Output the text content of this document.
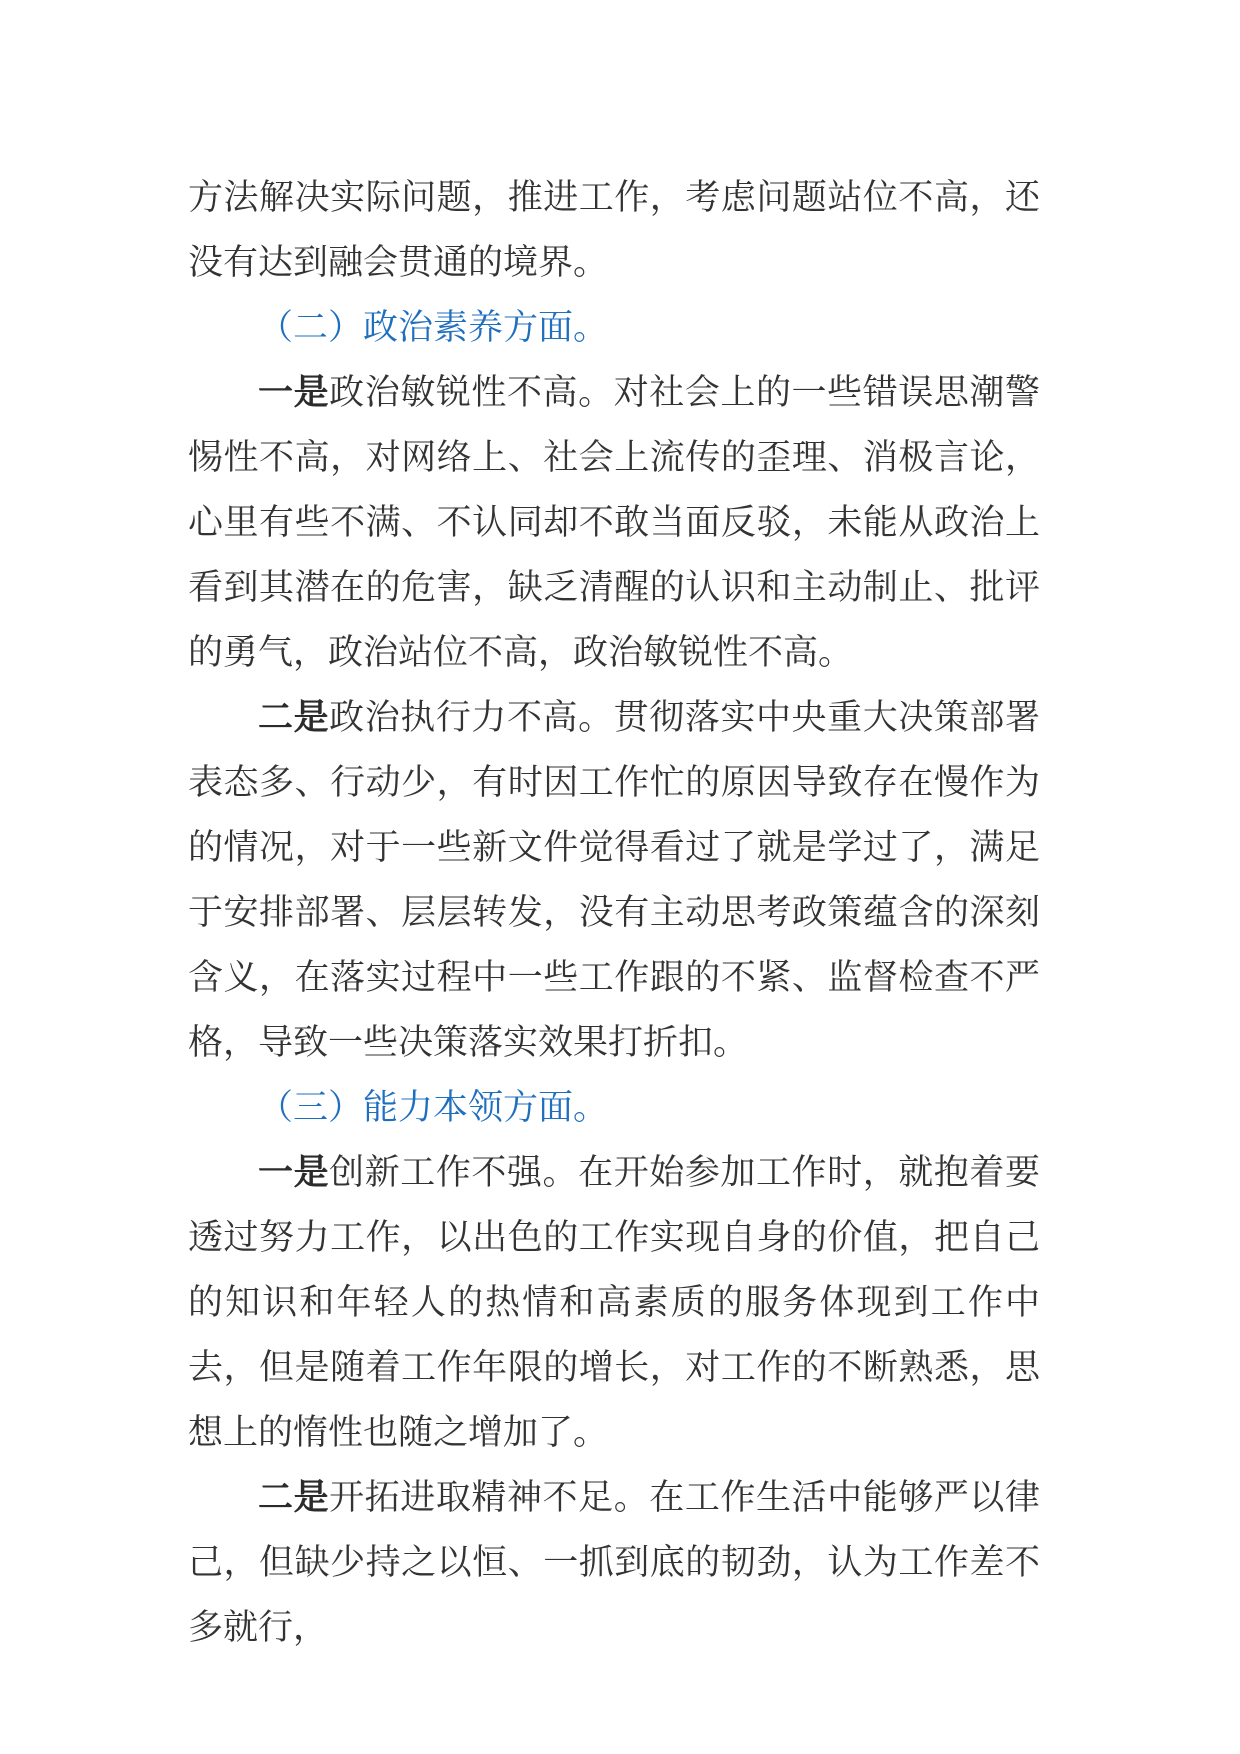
方法解决实际问题，推进工作，考虑问题站位不高，还没有达到融会贯通的境界。

（二）政治素养方面。

一是政治敏锐性不高。对社会上的一些错误思潮警惕性不高，对网络上、社会上流传的歪理、消极言论，心里有些不满、不认同却不敢当面反驳，未能从政治上看到其潜在的危害，缺乏清醒的认识和主动制止、批评的勇气，政治站位不高，政治敏锐性不高。

二是政治执行力不高。贯彻落实中央重大决策部署表态多、行动少，有时因工作忙的原因导致存在慢作为的情况，对于一些新文件觉得看过了就是学过了，满足于安排部署、层层转发，没有主动思考政策蕴含的深刻含义，在落实过程中一些工作跟的不紧、监督检查不严格，导致一些决策落实效果打折扣。

（三）能力本领方面。

一是创新工作不强。在开始参加工作时，就抱着要透过努力工作，以出色的工作实现自身的价值，把自己的知识和年轻人的热情和高素质的服务体现到工作中去，但是随着工作年限的增长，对工作的不断熟悉，思想上的惰性也随之增加了。

二是开拓进取精神不足。在工作生活中能够严以律己，但缺少持之以恒、一抓到底的韧劲，认为工作差不多就行，
